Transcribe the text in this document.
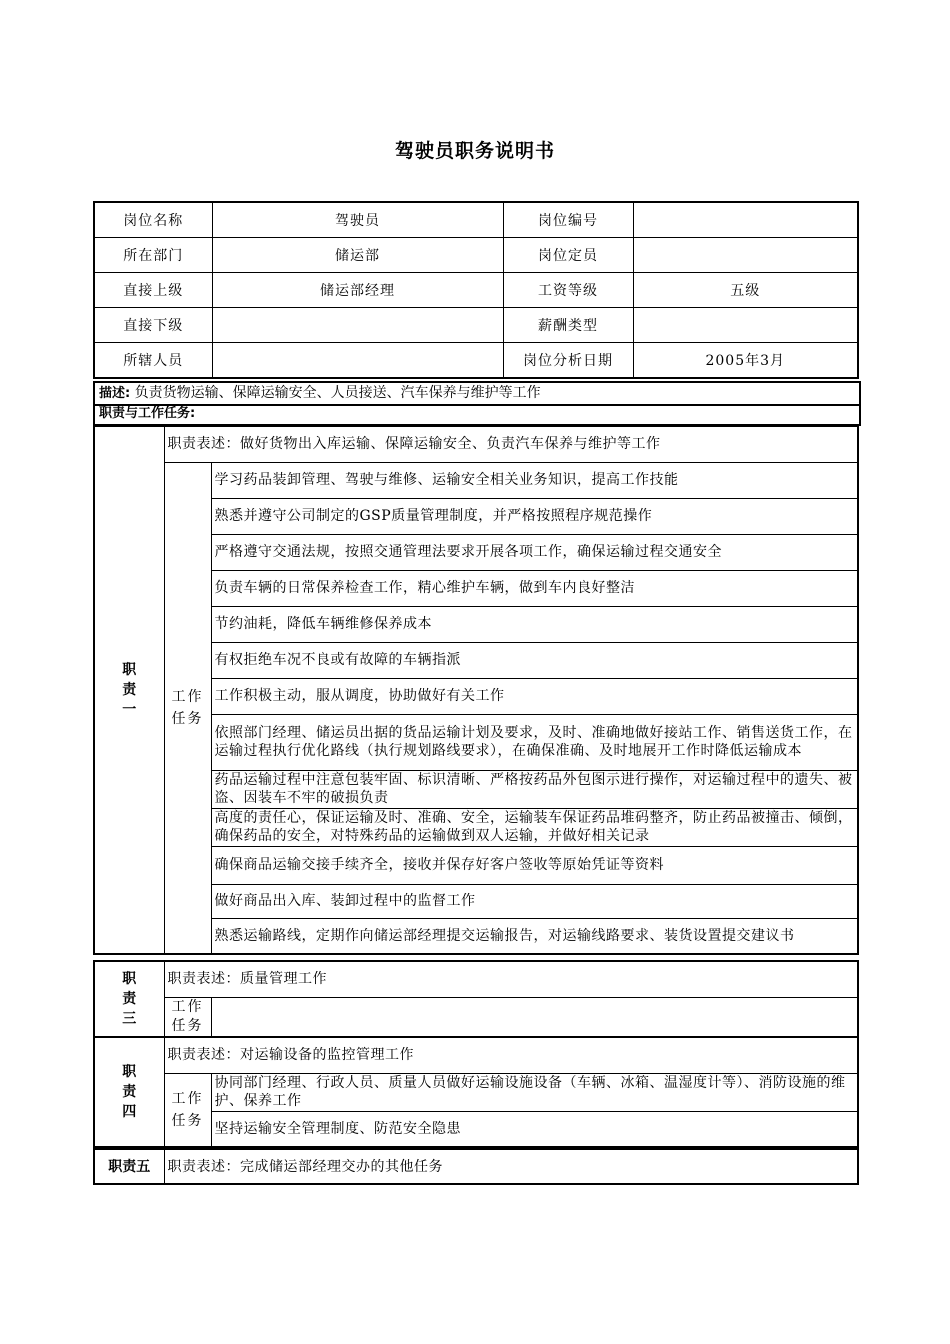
驾驶员职务说明书
岗位名称	驾驶员	岗位编号	
所在部门	储运部	岗位定员	
直接上级	储运部经理	工资等级	五级
直接下级		薪酬类型	
所辖人员		岗位分析日期	2005年3月
描述: 负责货物运输、保障运输安全、人员接送、汽车保养与维护等工作
职责与工作任务:
职
责
一	职责表述：做好货物出入库运输、保障运输安全、负责汽车保养与维护等工作	

	工作
任务	学习药品装卸管理、驾驶与维修、运输安全相关业务知识，提高工作技能
		熟悉并遵守公司制定的GSP质量管理制度，并严格按照程序规范操作
		严格遵守交通法规，按照交通管理法要求开展各项工作，确保运输过程交通安全
		负责车辆的日常保养检查工作，精心维护车辆，做到车内良好整洁
		节约油耗，降低车辆维修保养成本
		有权拒绝车况不良或有故障的车辆指派
		工作积极主动，服从调度，协助做好有关工作
		依照部门经理、储运员出据的货品运输计划及要求，及时、准确地做好接站工作、销售送货工作，在运输过程执行优化路线（执行规划路线要求），在确保准确、及时地展开工作时降低运输成本
		药品运输过程中注意包装牢固、标识清晰、严格按药品外包图示进行操作，对运输过程中的遗失、被盗、因装车不牢的破损负责
		高度的责任心，保证运输及时、准确、安全，运输装车保证药品堆码整齐，防止药品被撞击、倾倒，确保药品的安全，对特殊药品的运输做到双人运输，并做好相关记录
		确保商品运输交接手续齐全，接收并保存好客户签收等原始凭证等资料
		做好商品出入库、装卸过程中的监督工作
		熟悉运输路线，定期作向储运部经理提交运输报告，对运输线路要求、装货设置提交建议书
职
责
三	职责表述：质量管理工作	

	工作
任务	

职
责
四	职责表述：对运输设备的监控管理工作	

	工作
任务	协同部门经理、行政人员、质量人员做好运输设施设备（车辆、冰箱、温湿度计等）、消防设施的维护、保养工作
		坚持运输安全管理制度、防范安全隐患
职责五	职责表述：完成储运部经理交办的其他任务
